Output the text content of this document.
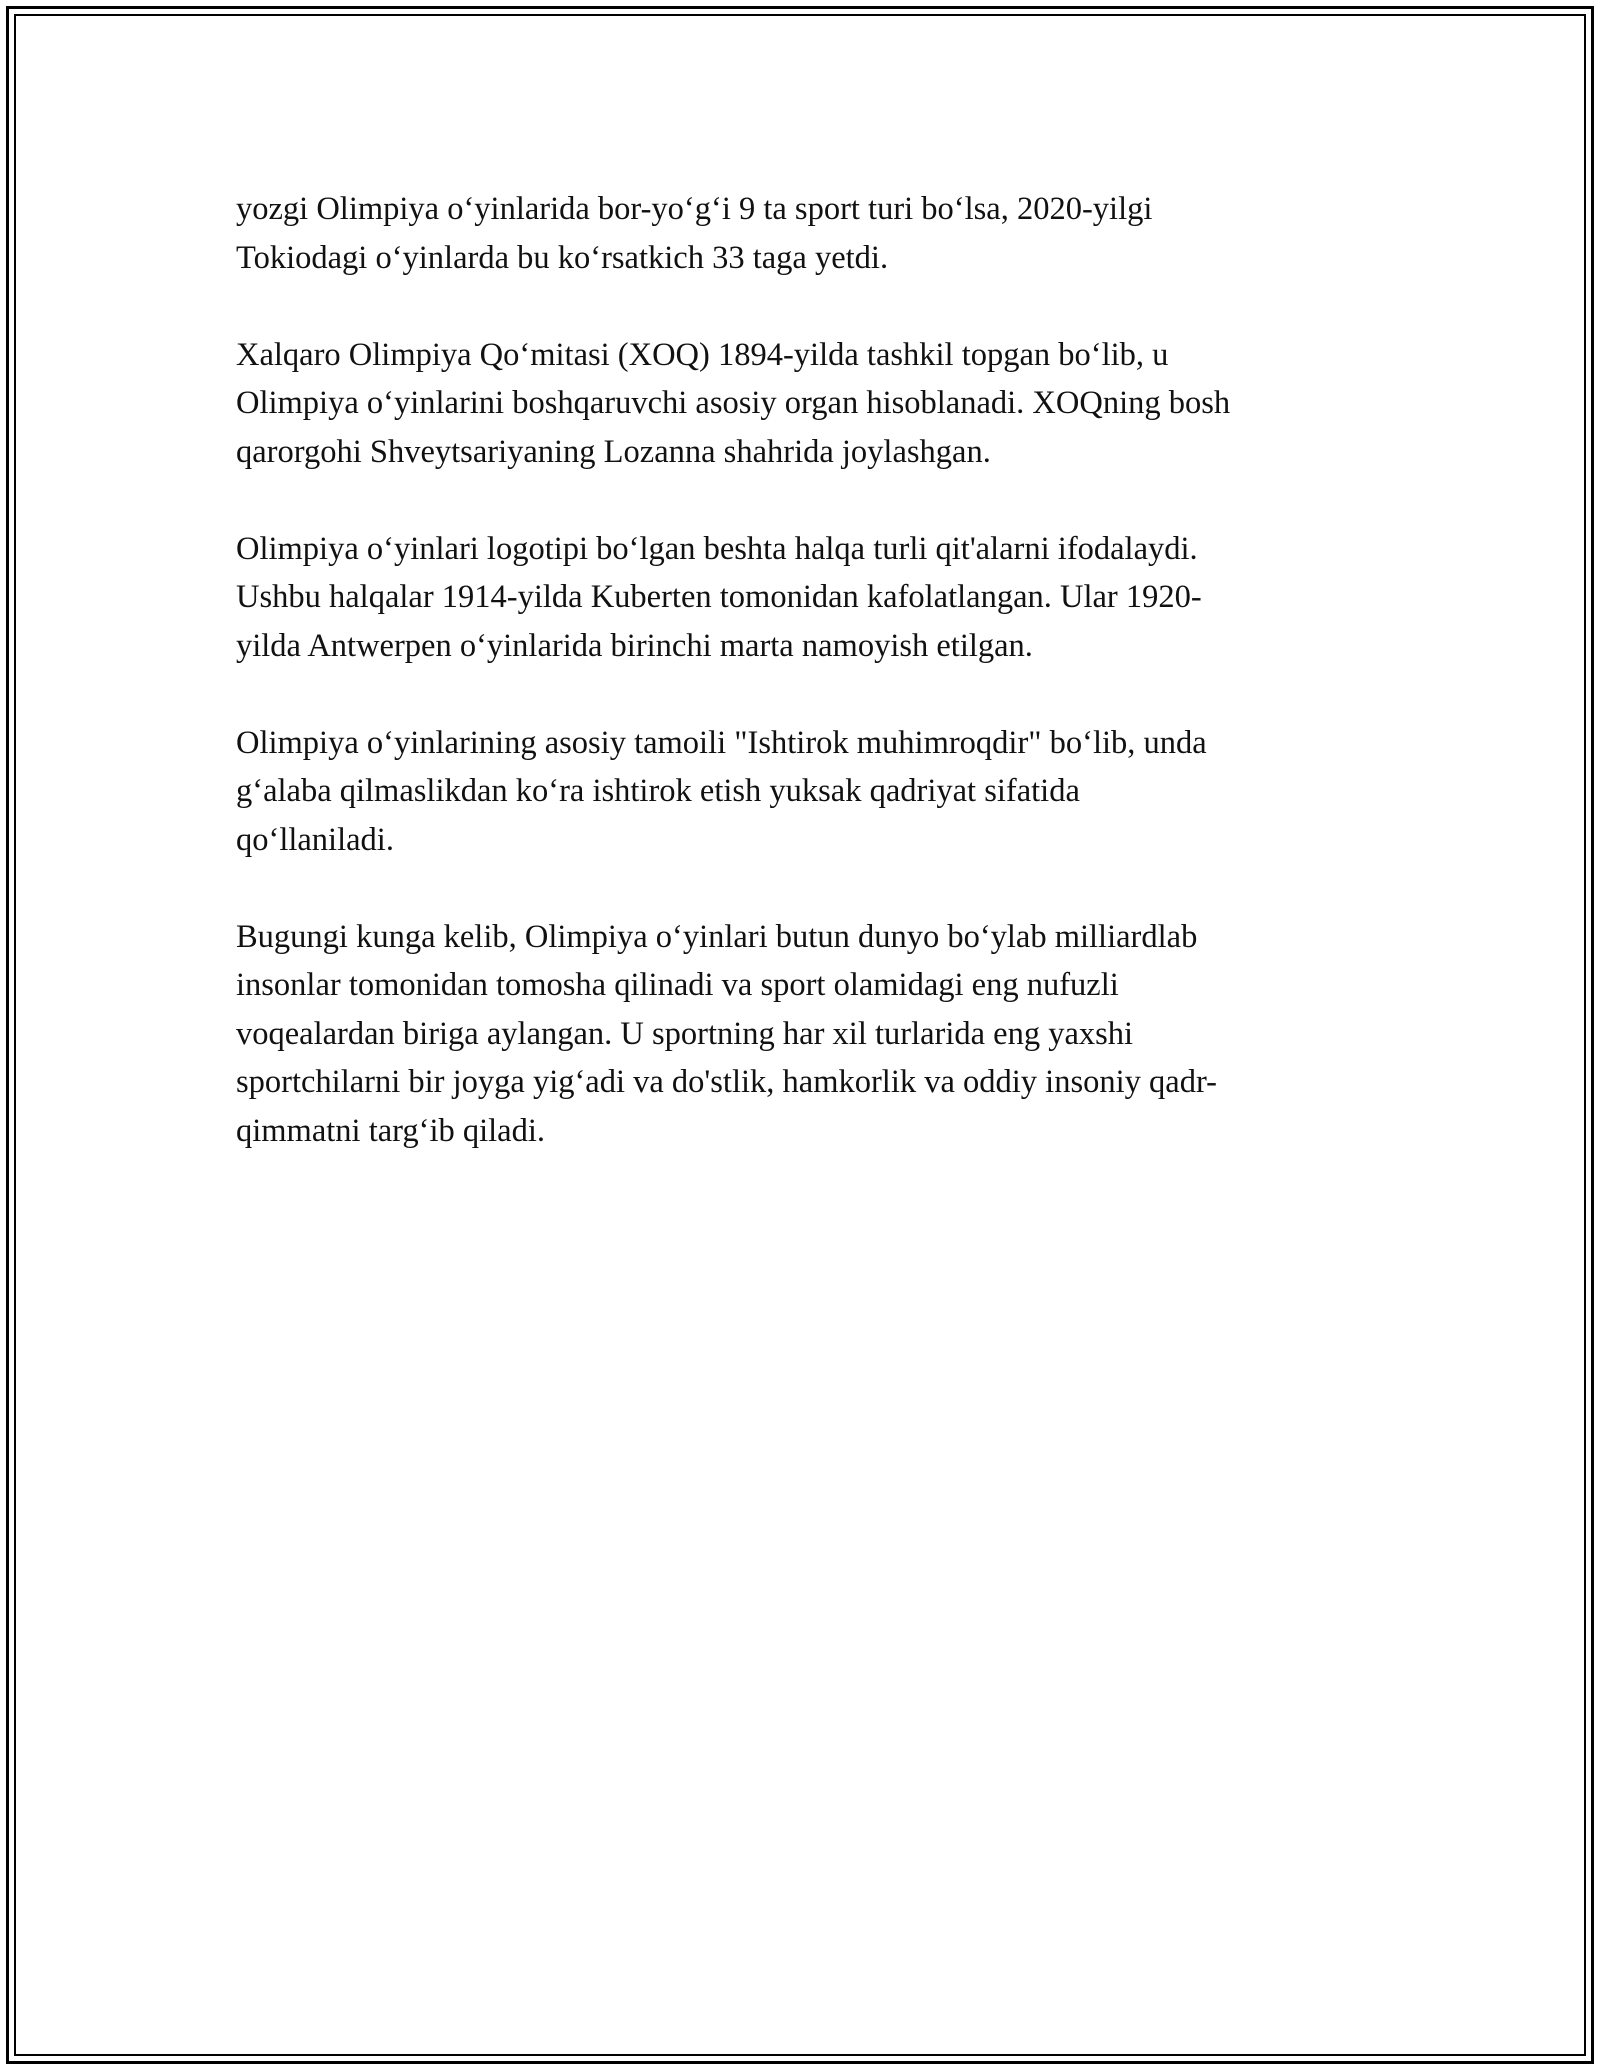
yozgi Olimpiya o‘yinlarida bor-yo‘g‘i 9 ta sport turi bo‘lsa, 2020-yilgi
Tokiodagi o‘yinlarda bu ko‘rsatkich 33 taga yetdi.

Xalqaro Olimpiya Qo‘mitasi (XOQ) 1894-yilda tashkil topgan bo‘lib, u
Olimpiya o‘yinlarini boshqaruvchi asosiy organ hisoblanadi. XOQning bosh
qarorgohi Shveytsariyaning Lozanna shahrida joylashgan.

Olimpiya o‘yinlari logotipi bo‘lgan beshta halqa turli qit'alarni ifodalaydi.
Ushbu halqalar 1914-yilda Kuberten tomonidan kafolatlangan. Ular 1920-
yilda Antwerpen o‘yinlarida birinchi marta namoyish etilgan.

Olimpiya o‘yinlarining asosiy tamoili "Ishtirok muhimroqdir" bo‘lib, unda
g‘alaba qilmaslikdan ko‘ra ishtirok etish yuksak qadriyat sifatida
qo‘llaniladi.

Bugungi kunga kelib, Olimpiya o‘yinlari butun dunyo bo‘ylab milliardlab
insonlar tomonidan tomosha qilinadi va sport olamidagi eng nufuzli
voqealardan biriga aylangan. U sportning har xil turlarida eng yaxshi
sportchilarni bir joyga yig‘adi va do'stlik, hamkorlik va oddiy insoniy qadr-
qimmatni targ‘ib qiladi.
